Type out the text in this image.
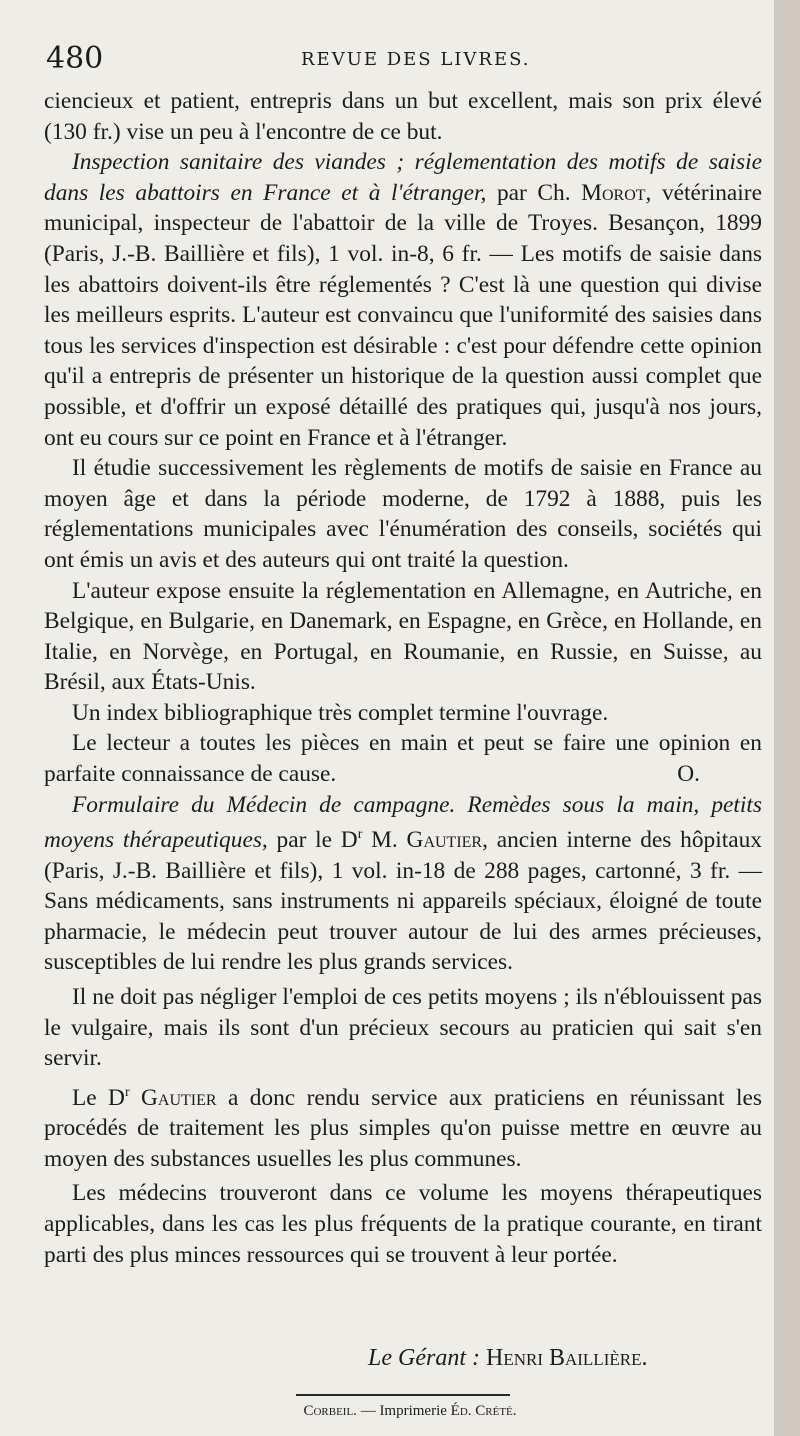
480	REVUE DES LIVRES.

ciencieux et patient, entrepris dans un but excellent, mais son prix élevé (130 fr.) vise un peu à l'encontre de ce but.

Inspection sanitaire des viandes ; réglementation des motifs de saisie dans les abattoirs en France et à l'étranger, par Ch. Morot, vétérinaire municipal, inspecteur de l'abattoir de la ville de Troyes. Besançon, 1899 (Paris, J.-B. Baillière et fils), 1 vol. in-8, 6 fr. — Les motifs de saisie dans les abattoirs doivent-ils être réglementés ? C'est là une question qui divise les meilleurs esprits. L'auteur est convaincu que l'uniformité des saisies dans tous les services d'inspection est désirable : c'est pour défendre cette opinion qu'il a entrepris de présenter un historique de la question aussi complet que possible, et d'offrir un exposé détaillé des pratiques qui, jusqu'à nos jours, ont eu cours sur ce point en France et à l'étranger.

Il étudie successivement les règlements de motifs de saisie en France au moyen âge et dans la période moderne, de 1792 à 1888, puis les réglementations municipales avec l'énumération des conseils, sociétés qui ont émis un avis et des auteurs qui ont traité la question.

L'auteur expose ensuite la réglementation en Allemagne, en Autriche, en Belgique, en Bulgarie, en Danemark, en Espagne, en Grèce, en Hollande, en Italie, en Norvège, en Portugal, en Roumanie, en Russie, en Suisse, au Brésil, aux États-Unis.

Un index bibliographique très complet termine l'ouvrage.

Le lecteur a toutes les pièces en main et peut se faire une opinion en parfaite connaissance de cause.	O.

Formulaire du Médecin de campagne. Remèdes sous la main, petits moyens thérapeutiques, par le $D^r$ M. Gautier, ancien interne des hôpitaux (Paris, J.-B. Baillière et fils), 1 vol. in-18 de 288 pages, cartonné, 3 fr. — Sans médicaments, sans instruments ni appareils spéciaux, éloigné de toute pharmacie, le médecin peut trouver autour de lui des armes précieuses, susceptibles de lui rendre les plus grands services.

Il ne doit pas négliger l'emploi de ces petits moyens ; ils n'éblouissent pas le vulgaire, mais ils sont d'un précieux secours au praticien qui sait s'en servir.

Le $D^r$ Gautier a donc rendu service aux praticiens en réunissant les procédés de traitement les plus simples qu'on puisse mettre en œuvre au moyen des substances usuelles les plus communes.

Les médecins trouveront dans ce volume les moyens thérapeutiques applicables, dans les cas les plus fréquents de la pratique courante, en tirant parti des plus minces ressources qui se trouvent à leur portée.

Le Gérant : Henri Baillière.
Corbeil. — Imprimerie Éd. Crété.
